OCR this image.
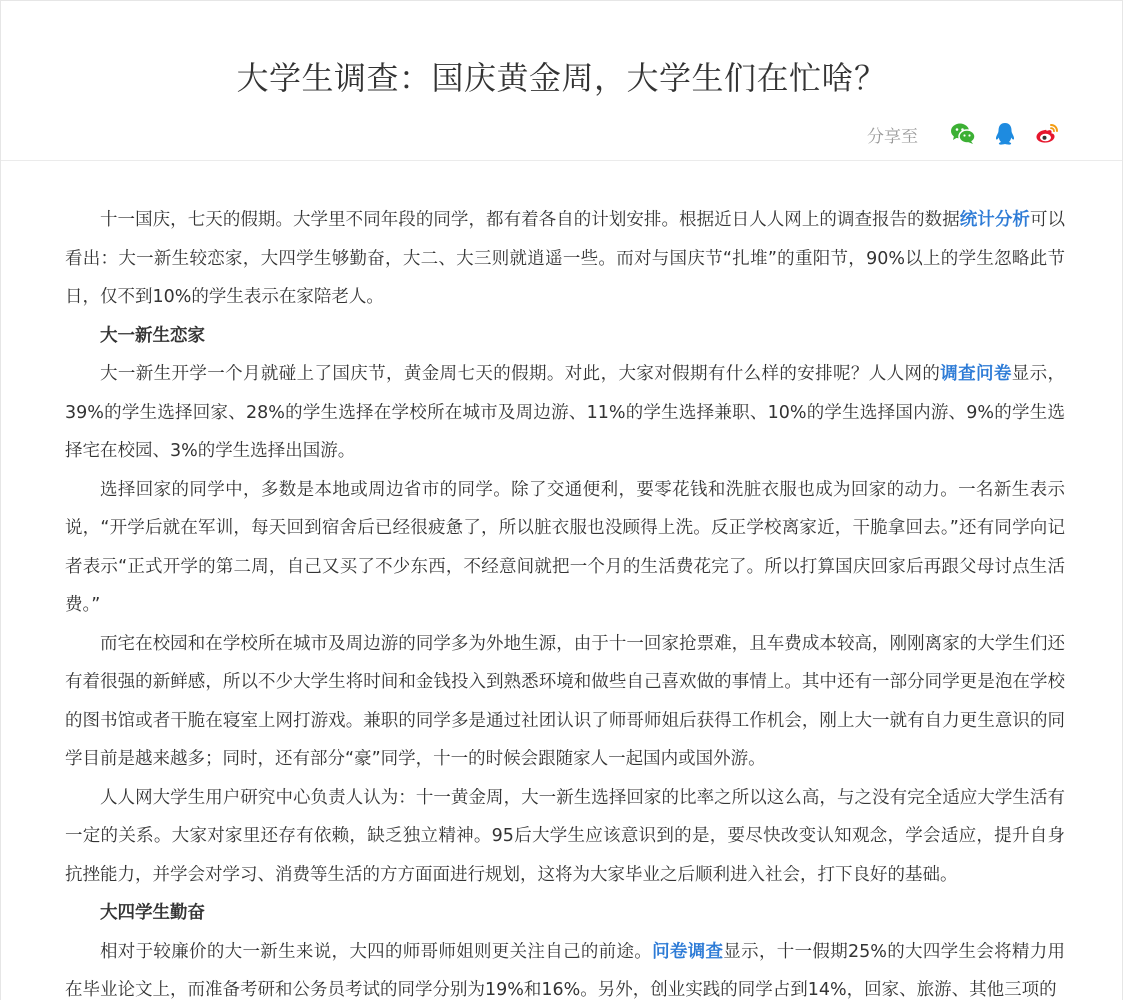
大学生调查：国庆黄金周，大学生们在忙啥？
分享至

十一国庆，七天的假期。大学里不同年段的同学，都有着各自的计划安排。根据近日人人网上的调查报告的数据统计分析可以看出：大一新生较恋家，大四学生够勤奋，大二、大三则就逍遥一些。而对与国庆节“扎堆”的重阳节，90%以上的学生忽略此节日，仅不到10%的学生表示在家陪老人。

大一新生恋家

大一新生开学一个月就碰上了国庆节，黄金周七天的假期。对此，大家对假期有什么样的安排呢？人人网的调查问卷显示，39%的学生选择回家、28%的学生选择在学校所在城市及周边游、11%的学生选择兼职、10%的学生选择国内游、9%的学生选择宅在校园、3%的学生选择出国游。

选择回家的同学中，多数是本地或周边省市的同学。除了交通便利，要零花钱和洗脏衣服也成为回家的动力。一名新生表示说，“开学后就在军训，每天回到宿舍后已经很疲惫了，所以脏衣服也没顾得上洗。反正学校离家近，干脆拿回去。”还有同学向记者表示“正式开学的第二周，自己又买了不少东西，不经意间就把一个月的生活费花完了。所以打算国庆回家后再跟父母讨点生活费。”

而宅在校园和在学校所在城市及周边游的同学多为外地生源，由于十一回家抢票难，且车费成本较高，刚刚离家的大学生们还有着很强的新鲜感，所以不少大学生将时间和金钱投入到熟悉环境和做些自己喜欢做的事情上。其中还有一部分同学更是泡在学校的图书馆或者干脆在寝室上网打游戏。兼职的同学多是通过社团认识了师哥师姐后获得工作机会，刚上大一就有自力更生意识的同学目前是越来越多；同时，还有部分“豪”同学，十一的时候会跟随家人一起国内或国外游。

人人网大学生用户研究中心负责人认为：十一黄金周，大一新生选择回家的比率之所以这么高，与之没有完全适应大学生活有一定的关系。大家对家里还存有依赖，缺乏独立精神。95后大学生应该意识到的是，要尽快改变认知观念，学会适应，提升自身抗挫能力，并学会对学习、消费等生活的方方面面进行规划，这将为大家毕业之后顺利进入社会，打下良好的基础。

大四学生勤奋

相对于较廉价的大一新生来说，大四的师哥师姐则更关注自己的前途。问卷调查显示，十一假期25%的大四学生会将精力用在毕业论文上，而准备考研和公务员考试的同学分别为19%和16%。另外，创业实践的同学占到14%，回家、旅游、其他三项的
